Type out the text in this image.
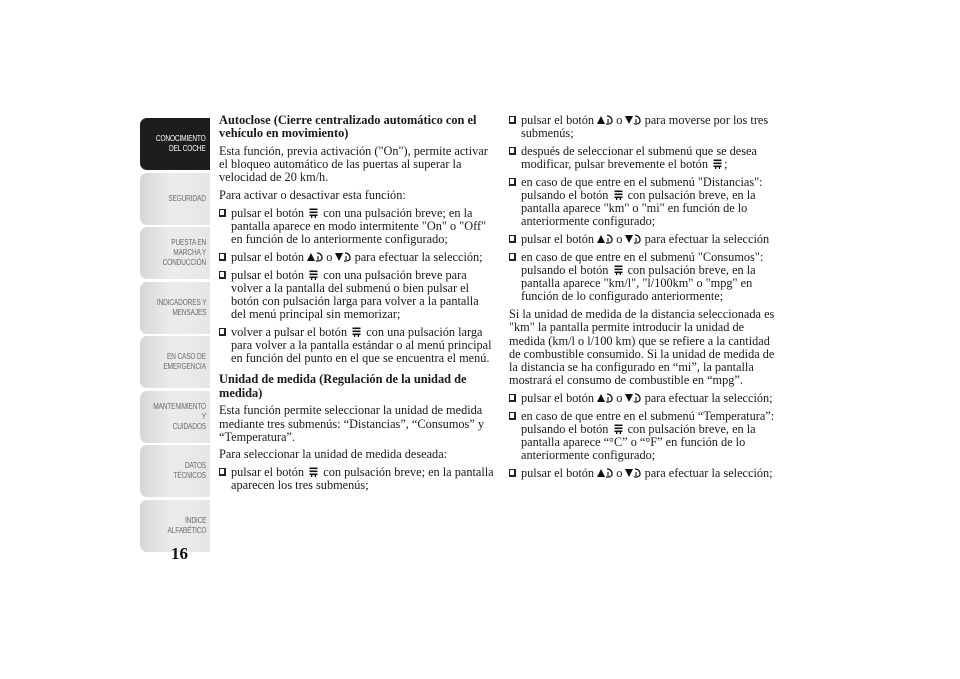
CONOCIMIENTO
DEL COCHE
SEGURIDAD
PUESTA EN
MARCHA Y
CONDUCCIÓN
INDICADORES Y
MENSAJES
EN CASO DE
EMERGENCIA
MANTENIMIENTO Y
CUIDADOS
DATOS TÉCNICOS
ÍNDICE
ALFABÉTICO
16
Autoclose (Cierre centralizado automático con el vehículo en movimiento)

Esta función, previa activación ("On"), permite activar el bloqueo automático de las puertas al superar la velocidad de 20 km/h.

Para activar o desactivar esta función:

pulsar el botón con una pulsación breve; en la pantalla aparece en modo intermitente "On" o "Off" en función de lo anteriormente configurado;
pulsar el botón o para efectuar la selección;
pulsar el botón con una pulsación breve para volver a la pantalla del submenú o bien pulsar el botón con pulsación larga para volver a la pantalla del menú principal sin memorizar;
volver a pulsar el botón con una pulsación larga para volver a la pantalla estándar o al menú principal en función del punto en el que se encuentra el menú.
Unidad de medida (Regulación de la unidad de medida)

Esta función permite seleccionar la unidad de medida mediante tres submenús: “Distancias”, “Consumos” y “Temperatura”.

Para seleccionar la unidad de medida deseada:

pulsar el botón con pulsación breve; en la pantalla aparecen los tres submenús;
pulsar el botón o para moverse por los tres submenús;
después de seleccionar el submenú que se desea modificar, pulsar brevemente el botón ;
en caso de que entre en el submenú "Distancias": pulsando el botón con pulsación breve, en la pantalla aparece "km" o "mi" en función de lo anteriormente configurado;
pulsar el botón o para efectuar la selección
en caso de que entre en el submenú "Consumos": pulsando el botón con pulsación breve, en la pantalla aparece "km/l", "l/100km" o "mpg" en función de lo configurado anteriormente;

Si la unidad de medida de la distancia seleccionada es "km" la pantalla permite introducir la unidad de medida (km/l o l/100 km) que se refiere a la cantidad de combustible consumido. Si la unidad de medida de la distancia se ha configurado en “mi”, la pantalla mostrará el consumo de combustible en “mpg”.

pulsar el botón o para efectuar la selección;
en caso de que entre en el submenú “Temperatura”: pulsando el botón con pulsación breve, en la pantalla aparece “°C” o “°F” en función de lo anteriormente configurado;
pulsar el botón o para efectuar la selección;
